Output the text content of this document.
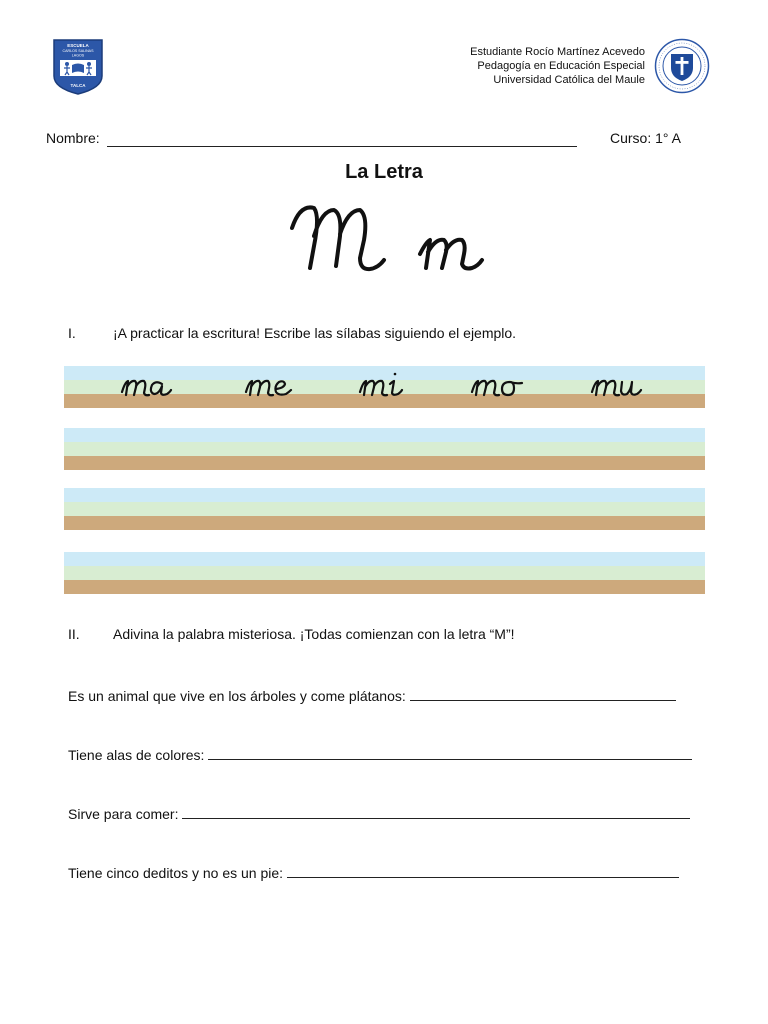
ESCUELA
CARLOS SALINAS
LAGOS
TALCA
Estudiante Rocío Martínez Acevedo
Pedagogía en Educación Especial
Universidad Católica del Maule
Nombre:	Curso: 1° A
La Letra
I.	¡A practicar la escritura! Escribe las sílabas siguiendo el ejemplo.
II. Adivina la palabra misteriosa. ¡Todas comienzan con la letra “M”!
Es un animal que vive en los árboles y come plátanos:
Tiene alas de colores:
Sirve para comer:
Tiene cinco deditos y no es un pie:
